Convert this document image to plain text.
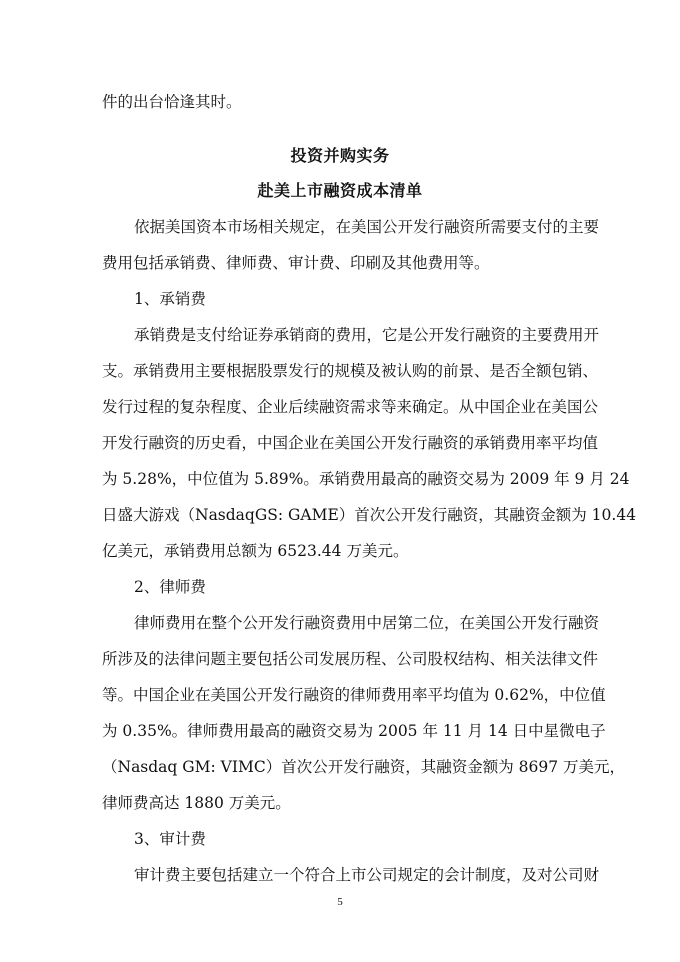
件的出台恰逢其时。
投资并购实务
赴美上市融资成本清单
依据美国资本市场相关规定，在美国公开发行融资所需要支付的主要
费用包括承销费、律师费、审计费、印刷及其他费用等。
1、承销费
承销费是支付给证券承销商的费用，它是公开发行融资的主要费用开
支。承销费用主要根据股票发行的规模及被认购的前景、是否全额包销、
发行过程的复杂程度、企业后续融资需求等来确定。从中国企业在美国公
开发行融资的历史看，中国企业在美国公开发行融资的承销费用率平均值
为 5.28%，中位值为 5.89%。承销费用最高的融资交易为 2009 年 9 月 24
日盛大游戏（NasdaqGS: GAME）首次公开发行融资，其融资金额为 10.44
亿美元，承销费用总额为 6523.44 万美元。
2、律师费
律师费用在整个公开发行融资费用中居第二位，在美国公开发行融资
所涉及的法律问题主要包括公司发展历程、公司股权结构、相关法律文件
等。中国企业在美国公开发行融资的律师费用率平均值为 0.62%，中位值
为 0.35%。律师费用最高的融资交易为 2005 年 11 月 14 日中星微电子
（Nasdaq GM: VIMC）首次公开发行融资，其融资金额为 8697 万美元，
律师费高达 1880 万美元。
3、审计费
审计费主要包括建立一个符合上市公司规定的会计制度，及对公司财
5
